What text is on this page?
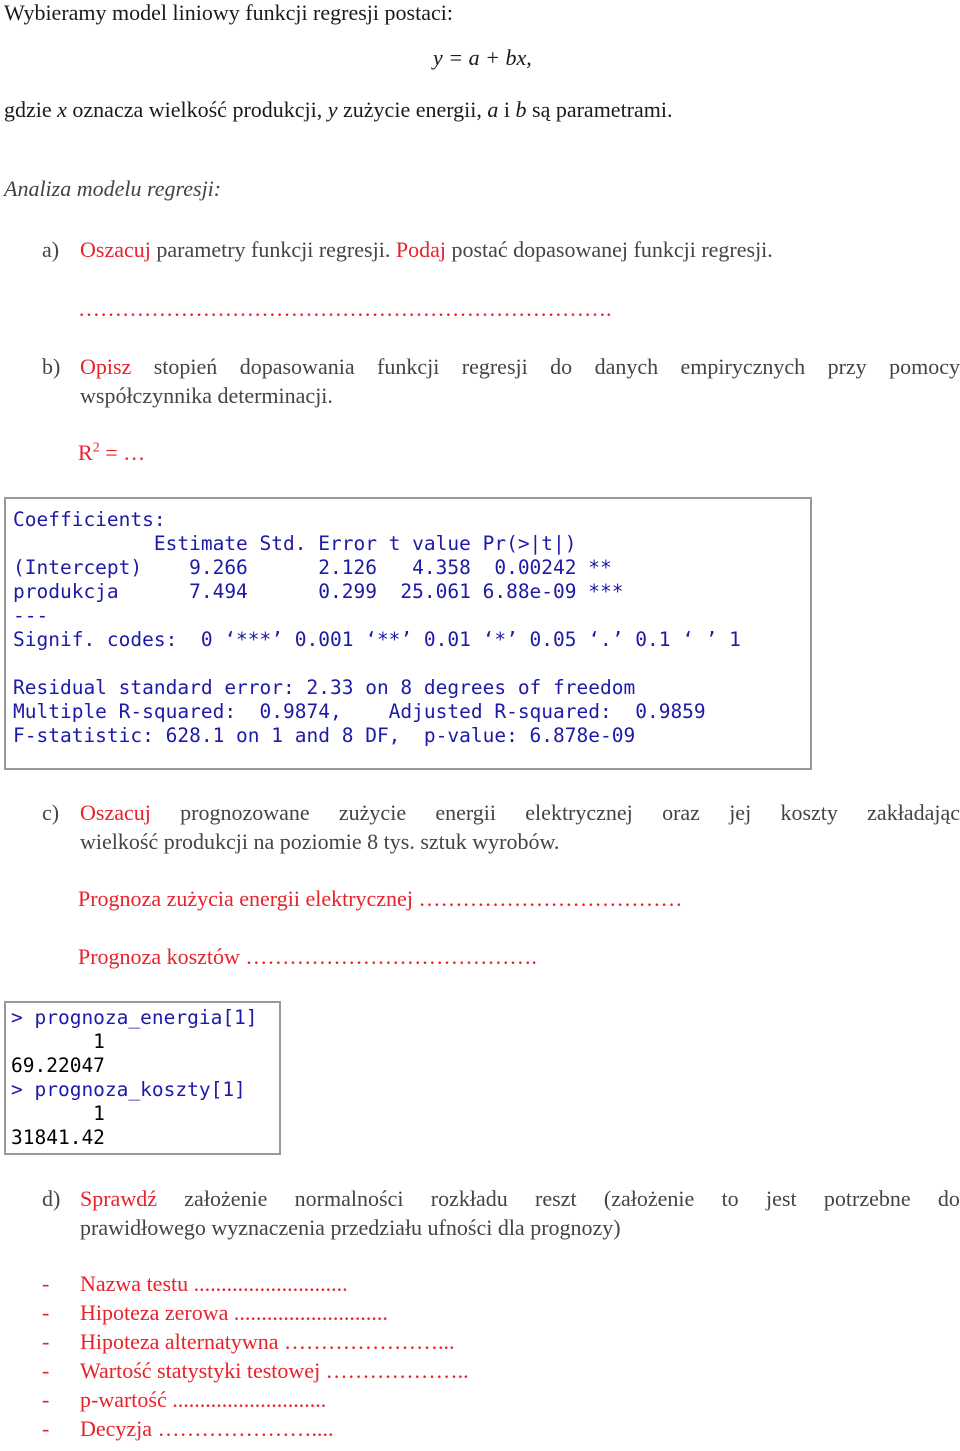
Wybieramy model liniowy funkcji regresji postaci:
y = a + bx,
gdzie x oznacza wielkość produkcji, y zużycie energii, a i b są parametrami.
Analiza modelu regresji:
a) Oszacuj parametry funkcji regresji. Podaj postać dopasowanej funkcji regresji.
……………………………………………………………….
b) Opisz stopień dopasowania funkcji regresji do danych empirycznych przy pomocy
współczynnika determinacji.
$R^2$ = …
Coefficients:
Estimate Std. Error t value Pr(>|t|)
(Intercept)    9.266      2.126   4.358  0.00242 **
produkcja      7.494      0.299  25.061 6.88e-09 ***
---
Signif. codes:  0 ‘***’ 0.001 ‘**’ 0.01 ‘*’ 0.05 ‘.’ 0.1 ‘ ’ 1

Residual standard error: 2.33 on 8 degrees of freedom
Multiple R-squared:  0.9874,    Adjusted R-squared:  0.9859
F-statistic: 628.1 on 1 and 8 DF,  p-value: 6.878e-09
c) Oszacuj prognozowane zużycie energii elektrycznej oraz jej koszty zakładając
wielkość produkcji na poziomie 8 tys. sztuk wyrobów.
Prognoza zużycia energii elektrycznej ………………………………
Prognoza kosztów ………………………………….
> prognoza_energia[1]
1
69.22047
> prognoza_koszty[1]
1
31841.42
d) Sprawdź założenie normalności rozkładu reszt (założenie to jest potrzebne do
prawidłowego wyznaczenia przedziału ufności dla prognozy)
- Nazwa testu ............................
- Hipoteza zerowa ............................
- Hipoteza alternatywna …………………...
- Wartość statystyki testowej ………………..
- p-wartość ............................
- Decyzja …………………....
